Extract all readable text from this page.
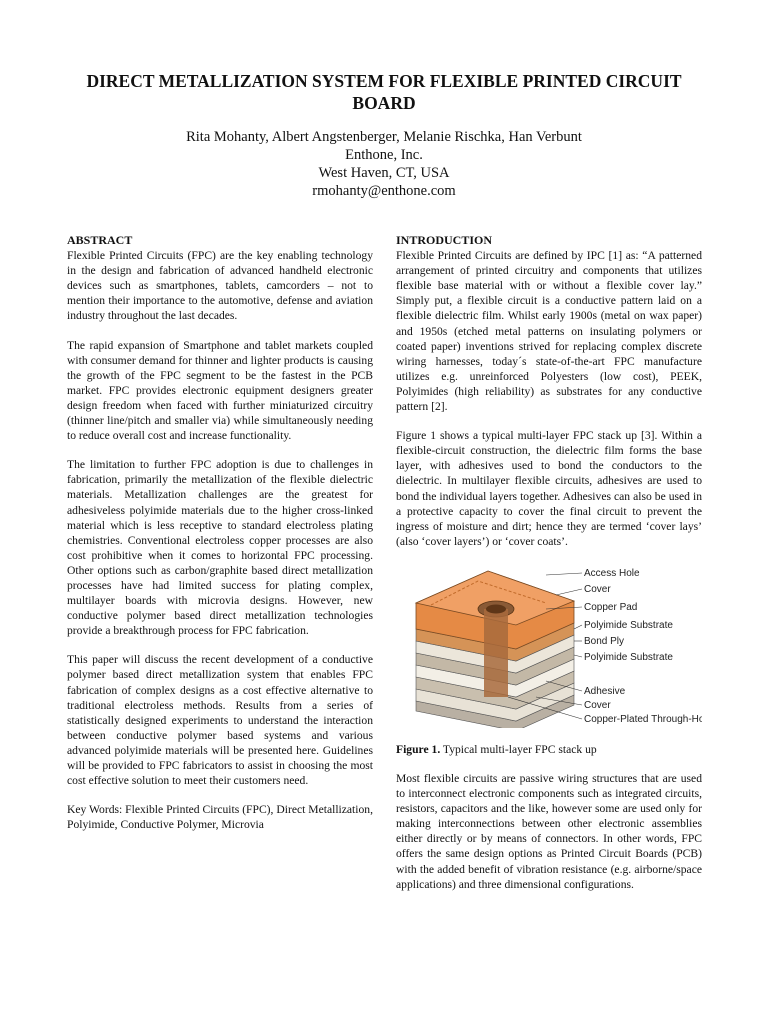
DIRECT METALLIZATION SYSTEM FOR FLEXIBLE PRINTED CIRCUIT BOARD
Rita Mohanty, Albert Angstenberger, Melanie Rischka, Han Verbunt
Enthone, Inc.
West Haven, CT, USA
rmohanty@enthone.com

ABSTRACT
Flexible Printed Circuits (FPC) are the key enabling technology in the design and fabrication of advanced handheld electronic devices such as smartphones, tablets, camcorders – not to mention their importance to the automotive, defense and aviation industry throughout the last decades.

The rapid expansion of Smartphone and tablet markets coupled with consumer demand for thinner and lighter products is causing the growth of the FPC segment to be the fastest in the PCB market. FPC provides electronic equipment designers greater design freedom when faced with further miniaturized circuitry (thinner line/pitch and smaller via) while simultaneously needing to reduce overall cost and increase functionality.

The limitation to further FPC adoption is due to challenges in fabrication, primarily the metallization of the flexible dielectric materials. Metallization challenges are the greatest for adhesiveless polyimide materials due to the higher cross-linked material which is less receptive to standard electroless plating chemistries. Conventional electroless copper processes are also cost prohibitive when it comes to horizontal FPC processing. Other options such as carbon/graphite based direct metallization processes have had limited success for plating complex, multilayer boards with microvia designs. However, new conductive polymer based direct metallization technologies provide a breakthrough process for FPC fabrication.

This paper will discuss the recent development of a conductive polymer based direct metallization system that enables FPC fabrication of complex designs as a cost effective alternative to traditional electroless methods. Results from a series of statistically designed experiments to understand the interaction between conductive polymer based systems and various advanced polyimide materials will be presented here. Guidelines will be provided to FPC fabricators to assist in choosing the most cost effective solution to meet their customers need.

Key Words: Flexible Printed Circuits (FPC), Direct Metallization, Polyimide, Conductive Polymer, Microvia

INTRODUCTION
Flexible Printed Circuits are defined by IPC [1] as: “A patterned arrangement of printed circuitry and components that utilizes flexible base material with or without a flexible cover lay.” Simply put, a flexible circuit is a conductive pattern laid on a flexible dielectric film. Whilst early 1900s (metal on wax paper) and 1950s (etched metal patterns on insulating polymers or coated paper) inventions strived for replacing complex discrete wiring harnesses, today´s state-of-the-art FPC manufacture utilizes e.g. unreinforced Polyesters (low cost), PEEK, Polyimides (high reliability) as substrates for any conductive pattern [2].

Figure 1 shows a typical multi-layer FPC stack up [3]. Within a flexible-circuit construction, the dielectric film forms the base layer, with adhesives used to bond the conductors to the dielectric. In multilayer flexible circuits, adhesives are used to bond the individual layers together. Adhesives can also be used in a protective capacity to cover the final circuit to prevent the ingress of moisture and dirt; hence they are termed ‘cover lays’ (also ‘cover layers’) or ‘cover coats’.

Access Hole
Cover
Copper Pad
Polyimide Substrate
Bond Ply
Polyimide Substrate
Adhesive
Cover
Copper-Plated Through-Hole

Figure 1. Typical multi-layer FPC stack up

Most flexible circuits are passive wiring structures that are used to interconnect electronic components such as integrated circuits, resistors, capacitors and the like, however some are used only for making interconnections between other electronic assemblies either directly or by means of connectors. In other words, FPC offers the same design options as Printed Circuit Boards (PCB) with the added benefit of vibration resistance (e.g. airborne/space applications) and three dimensional configurations.
